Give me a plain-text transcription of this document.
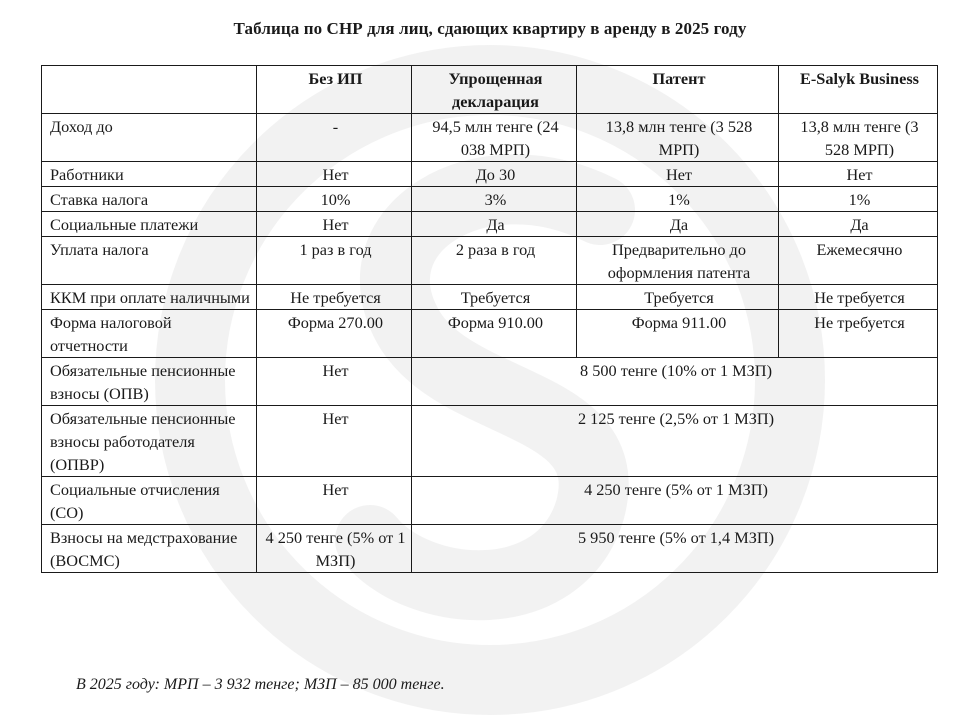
Таблица по СНР для лиц, сдающих квартиру в аренду в 2025 году
	Без ИП	Упрощенная декларация	Патент	E-Salyk Business
Доход до	-	94,5 млн тенге (24 038 МРП)	13,8 млн тенге (3 528 МРП)	13,8 млн тенге (3 528 МРП)
Работники	Нет	До 30	Нет	Нет
Ставка налога	10%	3%	1%	1%
Социальные платежи	Нет	Да	Да	Да
Уплата налога	1 раз в год	2 раза в год	Предварительно до оформления патента	Ежемесячно
ККМ при оплате наличными	Не требуется	Требуется	Требуется	Не требуется
Форма налоговой отчетности	Форма 270.00	Форма 910.00	Форма 911.00	Не требуется
Обязательные пенсионные взносы (ОПВ)	Нет	8 500 тенге (10% от 1 МЗП)		
Обязательные пенсионные взносы работодателя (ОПВР)	Нет	2 125 тенге (2,5% от 1 МЗП)		
Социальные отчисления (СО)	Нет	4 250 тенге (5% от 1 МЗП)		
Взносы на медстрахование (ВОСМС)	4 250 тенге (5% от 1 МЗП)	5 950 тенге (5% от 1,4 МЗП)		
В 2025 году: МРП – 3 932 тенге; МЗП – 85 000 тенге.
